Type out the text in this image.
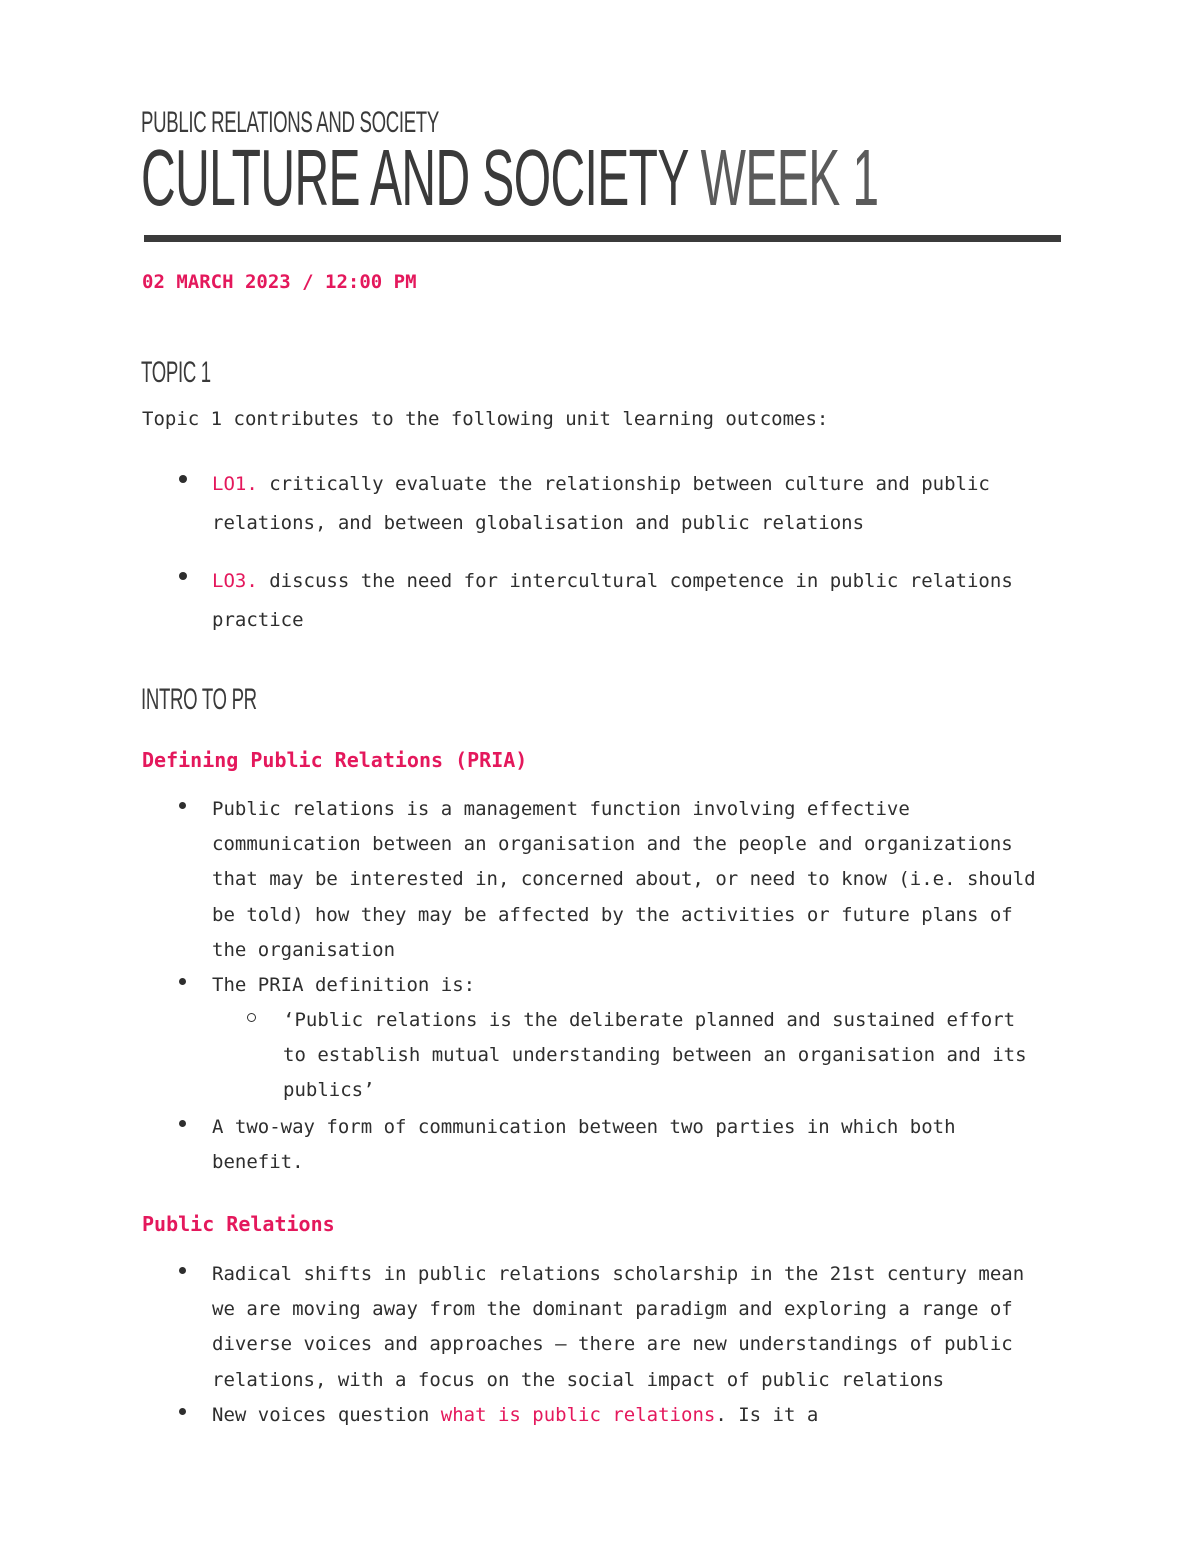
PUBLIC RELATIONS AND SOCIETY
CULTURE AND SOCIETY WEEK 1
02 MARCH 2023 / 12:00 PM
TOPIC 1
Topic 1 contributes to the following unit learning outcomes:
LO1. critically evaluate the relationship between culture and public
relations, and between globalisation and public relations
LO3. discuss the need for intercultural competence in public relations
practice
INTRO TO PR
Defining Public Relations (PRIA)
Public relations is a management function involving effective
communication between an organisation and the people and organizations
that may be interested in, concerned about, or need to know (i.e. should
be told) how they may be affected by the activities or future plans of
the organisation
The PRIA definition is:
‘Public relations is the deliberate planned and sustained effort
to establish mutual understanding between an organisation and its
publics’
A two-way form of communication between two parties in which both
benefit.
Public Relations
Radical shifts in public relations scholarship in the 21st century mean
we are moving away from the dominant paradigm and exploring a range of
diverse voices and approaches – there are new understandings of public
relations, with a focus on the social impact of public relations
New voices question what is public relations. Is it a
